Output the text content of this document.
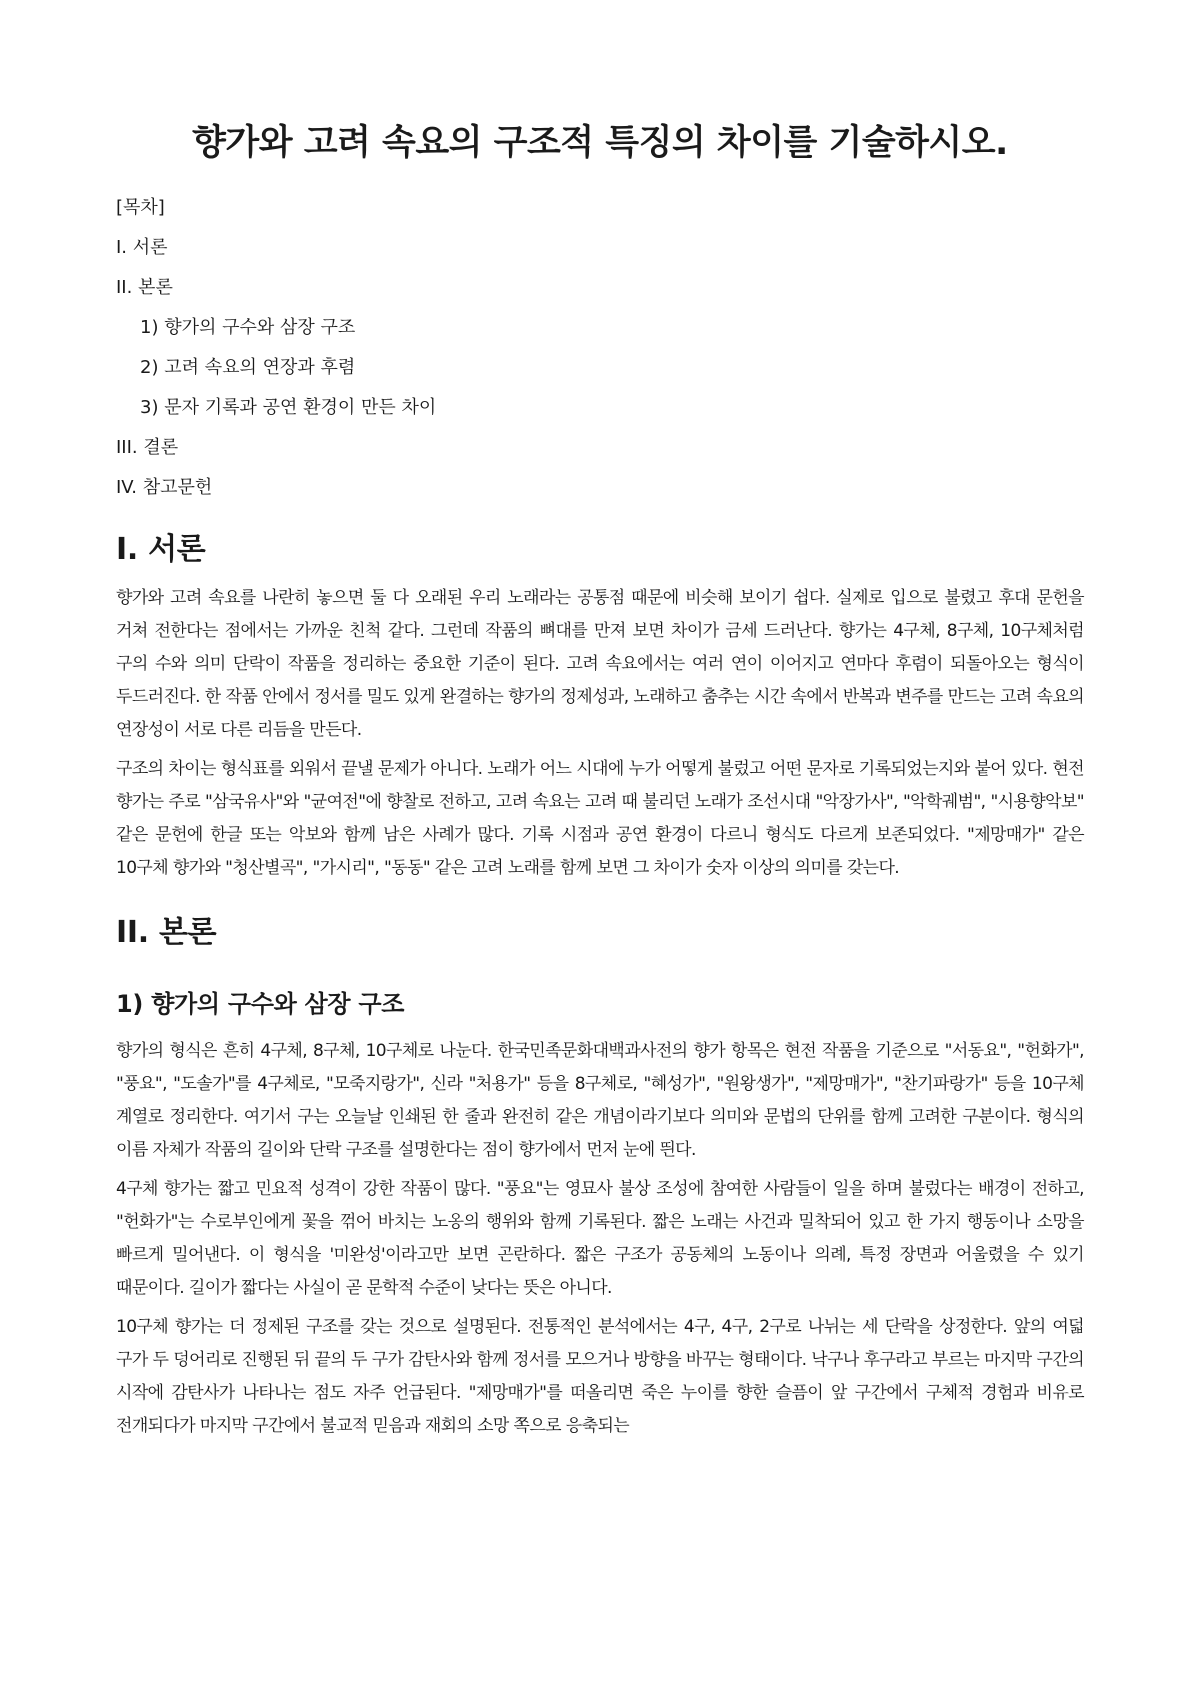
향가와 고려 속요의 구조적 특징의 차이를 기술하시오.
[목차]
I. 서론
II. 본론
1) 향가의 구수와 삼장 구조
2) 고려 속요의 연장과 후렴
3) 문자 기록과 공연 환경이 만든 차이
III. 결론
IV. 참고문헌
I. 서론

향가와 고려 속요를 나란히 놓으면 둘 다 오래된 우리 노래라는 공통점 때문에 비슷해 보이기 쉽다. 실제로 입으로 불렸고 후대 문헌을 거쳐 전한다는 점에서는 가까운 친척 같다. 그런데 작품의 뼈대를 만져 보면 차이가 금세 드러난다. 향가는 4구체, 8구체, 10구체처럼 구의 수와 의미 단락이 작품을 정리하는 중요한 기준이 된다. 고려 속요에서는 여러 연이 이어지고 연마다 후렴이 되돌아오는 형식이 두드러진다. 한 작품 안에서 정서를 밀도 있게 완결하는 향가의 정제성과, 노래하고 춤추는 시간 속에서 반복과 변주를 만드는 고려 속요의 연장성이 서로 다른 리듬을 만든다.

구조의 차이는 형식표를 외워서 끝낼 문제가 아니다. 노래가 어느 시대에 누가 어떻게 불렀고 어떤 문자로 기록되었는지와 붙어 있다. 현전 향가는 주로 "삼국유사"와 "균여전"에 향찰로 전하고, 고려 속요는 고려 때 불리던 노래가 조선시대 "악장가사", "악학궤범", "시용향악보" 같은 문헌에 한글 또는 악보와 함께 남은 사례가 많다. 기록 시점과 공연 환경이 다르니 형식도 다르게 보존되었다. "제망매가" 같은 10구체 향가와 "청산별곡", "가시리", "동동" 같은 고려 노래를 함께 보면 그 차이가 숫자 이상의 의미를 갖는다.

II. 본론
1) 향가의 구수와 삼장 구조

향가의 형식은 흔히 4구체, 8구체, 10구체로 나눈다. 한국민족문화대백과사전의 향가 항목은 현전 작품을 기준으로 "서동요", "헌화가", "풍요", "도솔가"를 4구체로, "모죽지랑가", 신라 "처용가" 등을 8구체로, "혜성가", "원왕생가", "제망매가", "찬기파랑가" 등을 10구체 계열로 정리한다. 여기서 구는 오늘날 인쇄된 한 줄과 완전히 같은 개념이라기보다 의미와 문법의 단위를 함께 고려한 구분이다. 형식의 이름 자체가 작품의 길이와 단락 구조를 설명한다는 점이 향가에서 먼저 눈에 띈다.

4구체 향가는 짧고 민요적 성격이 강한 작품이 많다. "풍요"는 영묘사 불상 조성에 참여한 사람들이 일을 하며 불렀다는 배경이 전하고, "헌화가"는 수로부인에게 꽃을 꺾어 바치는 노옹의 행위와 함께 기록된다. 짧은 노래는 사건과 밀착되어 있고 한 가지 행동이나 소망을 빠르게 밀어낸다. 이 형식을 '미완성'이라고만 보면 곤란하다. 짧은 구조가 공동체의 노동이나 의례, 특정 장면과 어울렸을 수 있기 때문이다. 길이가 짧다는 사실이 곧 문학적 수준이 낮다는 뜻은 아니다.

10구체 향가는 더 정제된 구조를 갖는 것으로 설명된다. 전통적인 분석에서는 4구, 4구, 2구로 나뉘는 세 단락을 상정한다. 앞의 여덟 구가 두 덩어리로 진행된 뒤 끝의 두 구가 감탄사와 함께 정서를 모으거나 방향을 바꾸는 형태이다. 낙구나 후구라고 부르는 마지막 구간의 시작에 감탄사가 나타나는 점도 자주 언급된다. "제망매가"를 떠올리면 죽은 누이를 향한 슬픔이 앞 구간에서 구체적 경험과 비유로 전개되다가 마지막 구간에서 불교적 믿음과 재회의 소망 쪽으로 응축되는
